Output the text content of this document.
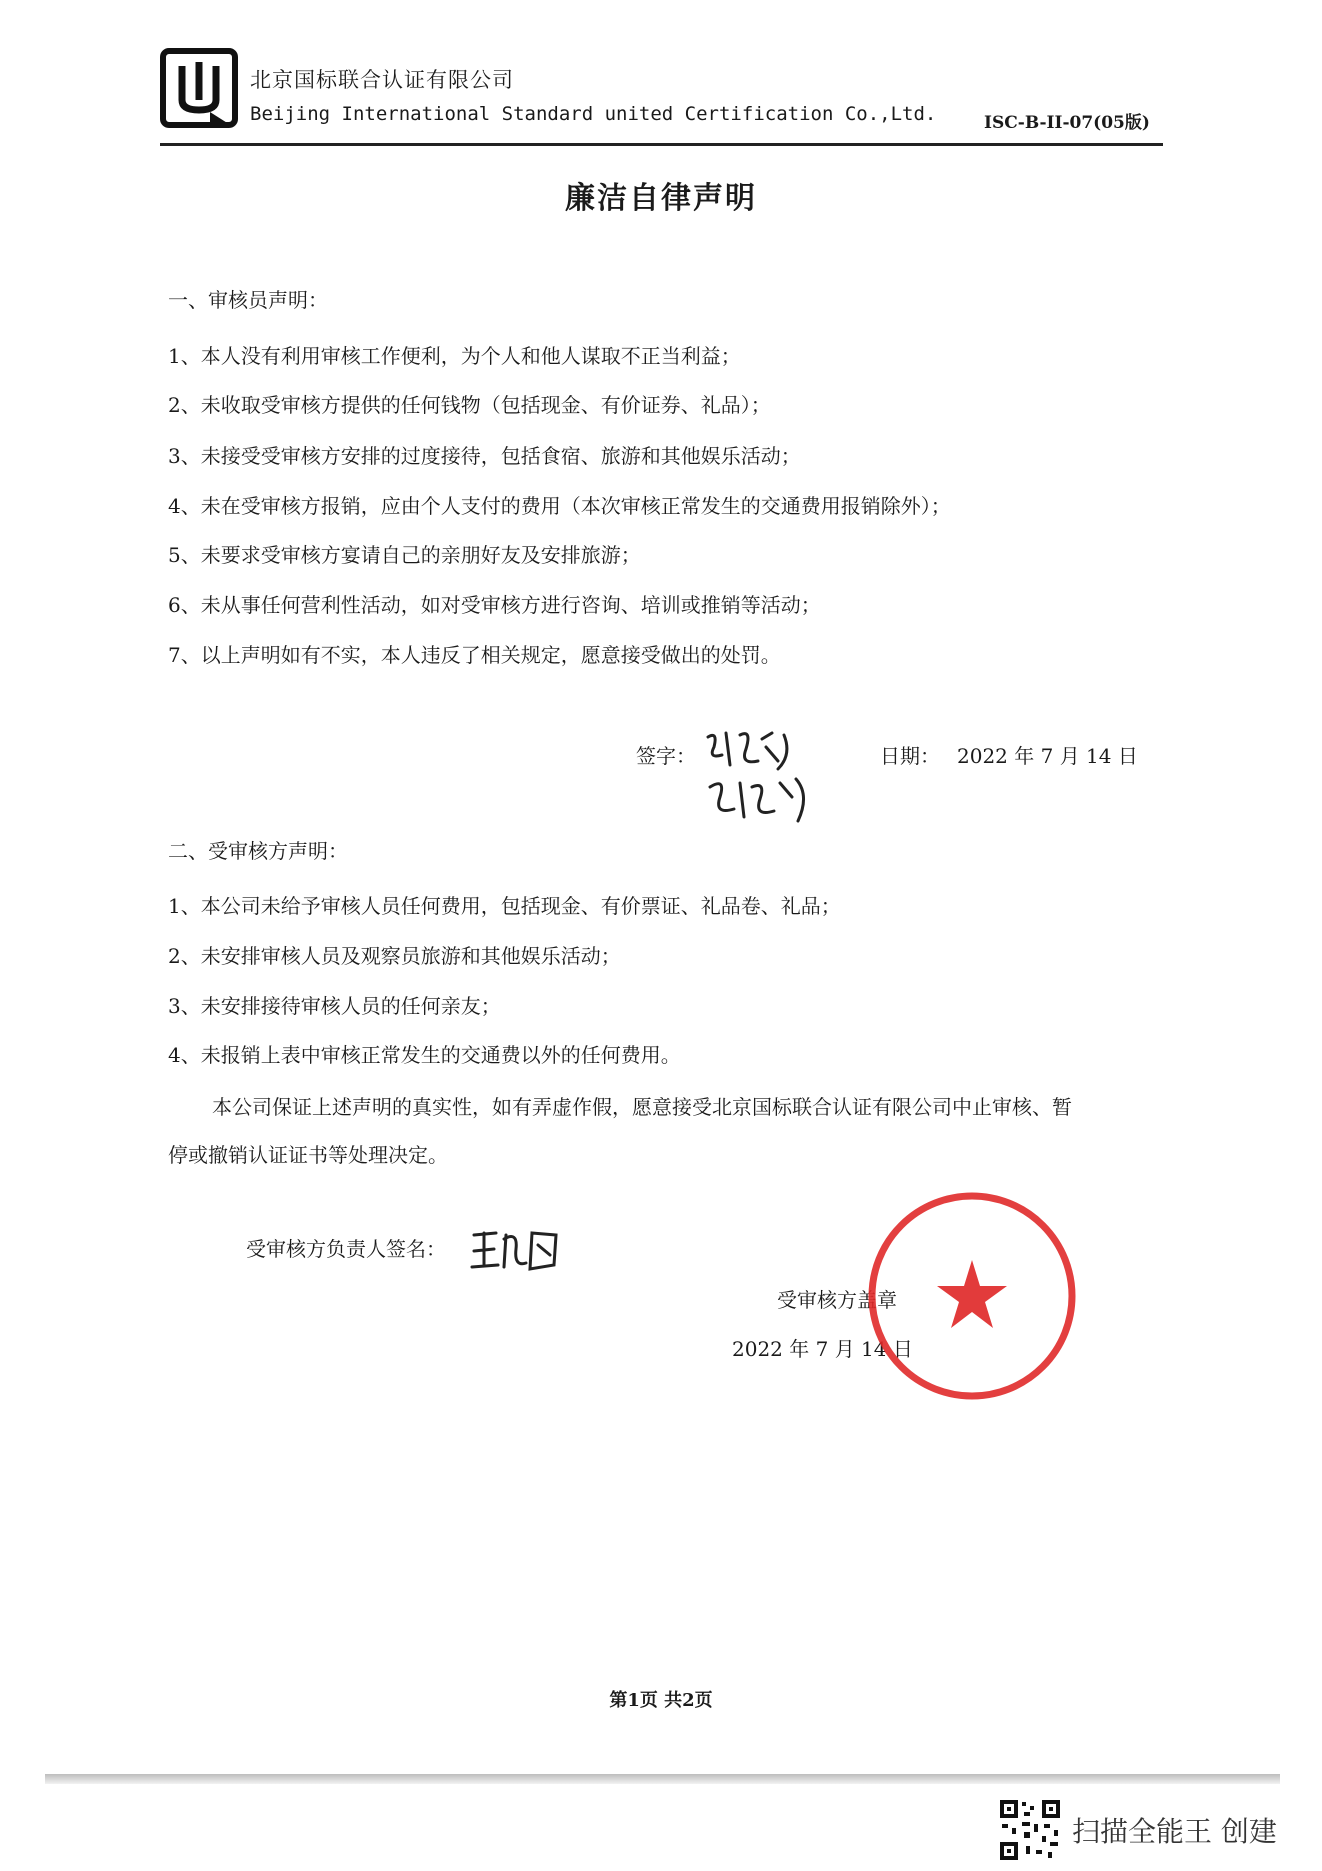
北京国标联合认证有限公司
Beijing International Standard united Certification Co.,Ltd.	ISC-B-II-07(05版)
廉洁自律声明
一、审核员声明：
1、本人没有利用审核工作便利，为个人和他人谋取不正当利益；
2、未收取受审核方提供的任何钱物（包括现金、有价证券、礼品）；
3、未接受受审核方安排的过度接待，包括食宿、旅游和其他娱乐活动；
4、未在受审核方报销，应由个人支付的费用（本次审核正常发生的交通费用报销除外）；
5、未要求受审核方宴请自己的亲朋好友及安排旅游；
6、未从事任何营利性活动，如对受审核方进行咨询、培训或推销等活动；
7、以上声明如有不实，本人违反了相关规定，愿意接受做出的处罚。
签字：	日期： 2022 年 7 月 14 日
二、受审核方声明：
1、本公司未给予审核人员任何费用，包括现金、有价票证、礼品卷、礼品；
2、未安排审核人员及观察员旅游和其他娱乐活动；
3、未安排接待审核人员的任何亲友；
4、未报销上表中审核正常发生的交通费以外的任何费用。
本公司保证上述声明的真实性，如有弄虚作假，愿意接受北京国标联合认证有限公司中止审核、暂
停或撤销认证证书等处理决定。
受审核方负责人签名：
受审核方盖章
2022 年 7 月 14 日
第1页 共2页
扫描全能王 创建
